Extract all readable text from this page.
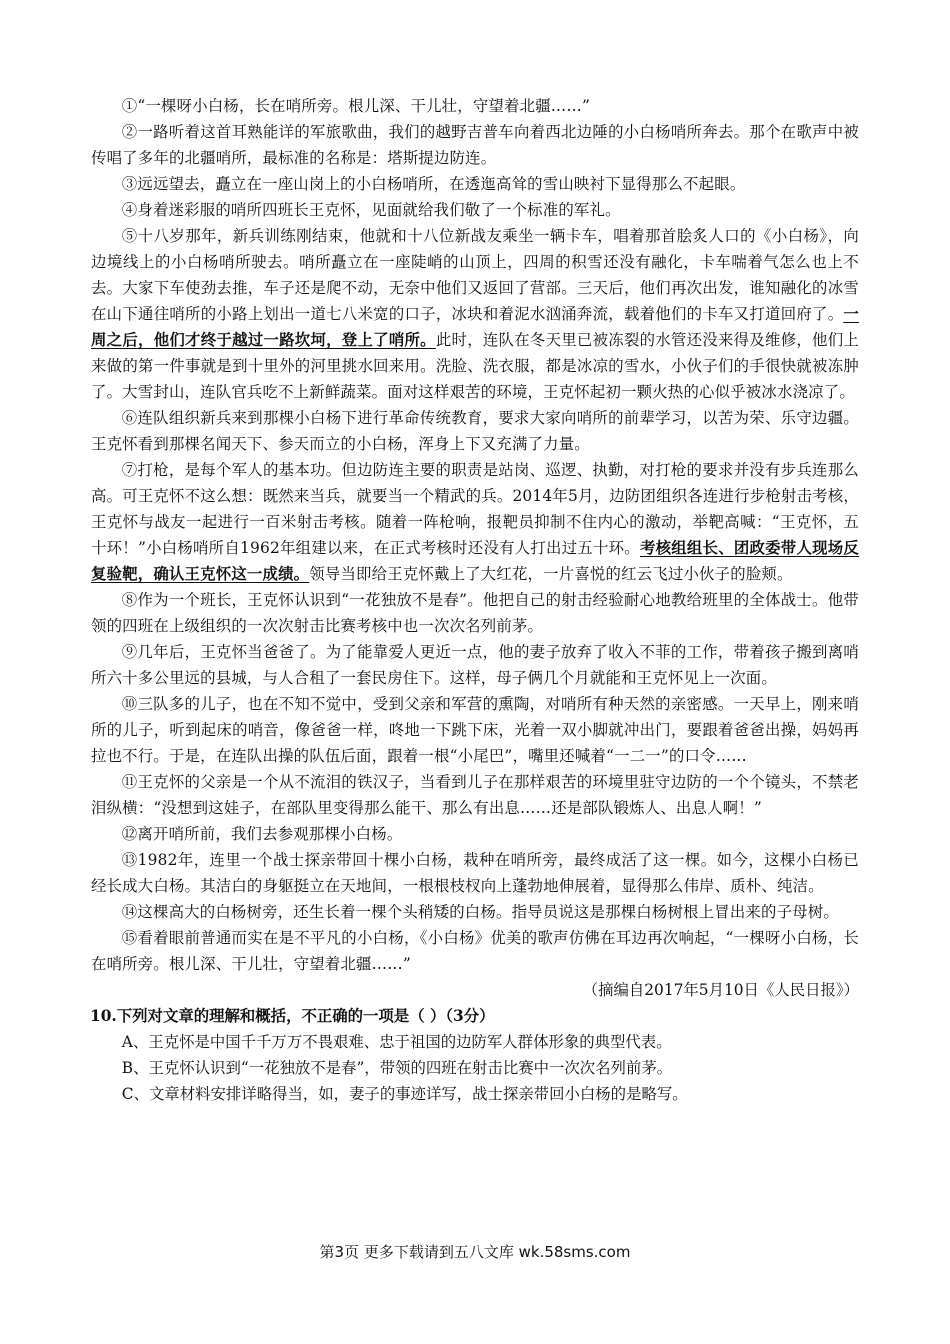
①“一棵呀小白杨，长在哨所旁。根儿深、干儿壮，守望着北疆……”

②一路听着这首耳熟能详的军旅歌曲，我们的越野吉普车向着西北边陲的小白杨哨所奔去。那个在歌声中被传唱了多年的北疆哨所，最标准的名称是：塔斯提边防连。

③远远望去，矗立在一座山岗上的小白杨哨所，在透迤高耸的雪山映衬下显得那么不起眼。

④身着迷彩服的哨所四班长王克怀，见面就给我们敬了一个标准的军礼。

⑤十八岁那年，新兵训练刚结束，他就和十八位新战友乘坐一辆卡车，唱着那首脍炙人口的《小白杨》，向边境线上的小白杨哨所驶去。哨所矗立在一座陡峭的山顶上，四周的积雪还没有融化，卡车喘着气怎么也上不去。大家下车使劲去推，车子还是爬不动，无奈中他们又返回了营部。三天后，他们再次出发，谁知融化的冰雪在山下通往哨所的小路上划出一道七八米宽的口子，冰块和着泥水汹涌奔流，载着他们的卡车又打道回府了。一周之后，他们才终于越过一路坎坷，登上了哨所。此时，连队在冬天里已被冻裂的水管还没来得及维修，他们上来做的第一件事就是到十里外的河里挑水回来用。洗脸、洗衣服，都是冰凉的雪水，小伙子们的手很快就被冻肿了。大雪封山，连队官兵吃不上新鲜蔬菜。面对这样艰苦的环境，王克怀起初一颗火热的心似乎被冰水浇凉了。

⑥连队组织新兵来到那棵小白杨下进行革命传统教育，要求大家向哨所的前辈学习，以苦为荣、乐守边疆。王克怀看到那棵名闻天下、参天而立的小白杨，浑身上下又充满了力量。

⑦打枪，是每个军人的基本功。但边防连主要的职责是站岗、巡逻、执勤，对打枪的要求并没有步兵连那么高。可王克怀不这么想：既然来当兵，就要当一个精武的兵。2014年5月，边防团组织各连进行步枪射击考核，王克怀与战友一起进行一百米射击考核。随着一阵枪响，报靶员抑制不住内心的激动，举靶高喊：“王克怀，五十环！”小白杨哨所自1962年组建以来，在正式考核时还没有人打出过五十环。考核组组长、团政委带人现场反复验靶，确认王克怀这一成绩。领导当即给王克怀戴上了大红花，一片喜悦的红云飞过小伙子的脸颊。

⑧作为一个班长，王克怀认识到“一花独放不是春”。他把自己的射击经验耐心地教给班里的全体战士。他带领的四班在上级组织的一次次射击比赛考核中也一次次名列前茅。

⑨几年后，王克怀当爸爸了。为了能靠爱人更近一点，他的妻子放弃了收入不菲的工作，带着孩子搬到离哨所六十多公里远的县城，与人合租了一套民房住下。这样，母子俩几个月就能和王克怀见上一次面。

⑩三队多的儿子，也在不知不觉中，受到父亲和军营的熏陶，对哨所有种天然的亲密感。一天早上，刚来哨所的儿子，听到起床的哨音，像爸爸一样，咚地一下跳下床，光着一双小脚就冲出门，要跟着爸爸出操，妈妈再拉也不行。于是，在连队出操的队伍后面，跟着一根“小尾巴”，嘴里还喊着“一二一”的口令……

⑪王克怀的父亲是一个从不流泪的铁汉子，当看到儿子在那样艰苦的环境里驻守边防的一个个镜头，不禁老泪纵横：“没想到这娃子，在部队里变得那么能干、那么有出息……还是部队锻炼人、出息人啊！”

⑫离开哨所前，我们去参观那棵小白杨。

⑬1982年，连里一个战士探亲带回十棵小白杨，栽种在哨所旁，最终成活了这一棵。如今，这棵小白杨已经长成大白杨。其洁白的身躯挺立在天地间，一根根枝杈向上蓬勃地伸展着，显得那么伟岸、质朴、纯洁。

⑭这棵高大的白杨树旁，还生长着一棵个头稍矮的白杨。指导员说这是那棵白杨树根上冒出来的子母树。

⑮看着眼前普通而实在是不平凡的小白杨，《小白杨》优美的歌声仿佛在耳边再次响起，“一棵呀小白杨，长在哨所旁。根儿深、干儿壮，守望着北疆……”

（摘编自2017年5月10日《人民日报》）

10.下列对文章的理解和概括，不正确的一项是（ ）（3分）

A、王克怀是中国千千万万不畏艰难、忠于祖国的边防军人群体形象的典型代表。

B、王克怀认识到“一花独放不是春”，带领的四班在射击比赛中一次次名列前茅。

C、文章材料安排详略得当，如，妻子的事迹详写，战士探亲带回小白杨的是略写。

第3页 更多下载请到五八文库 wk.58sms.com
